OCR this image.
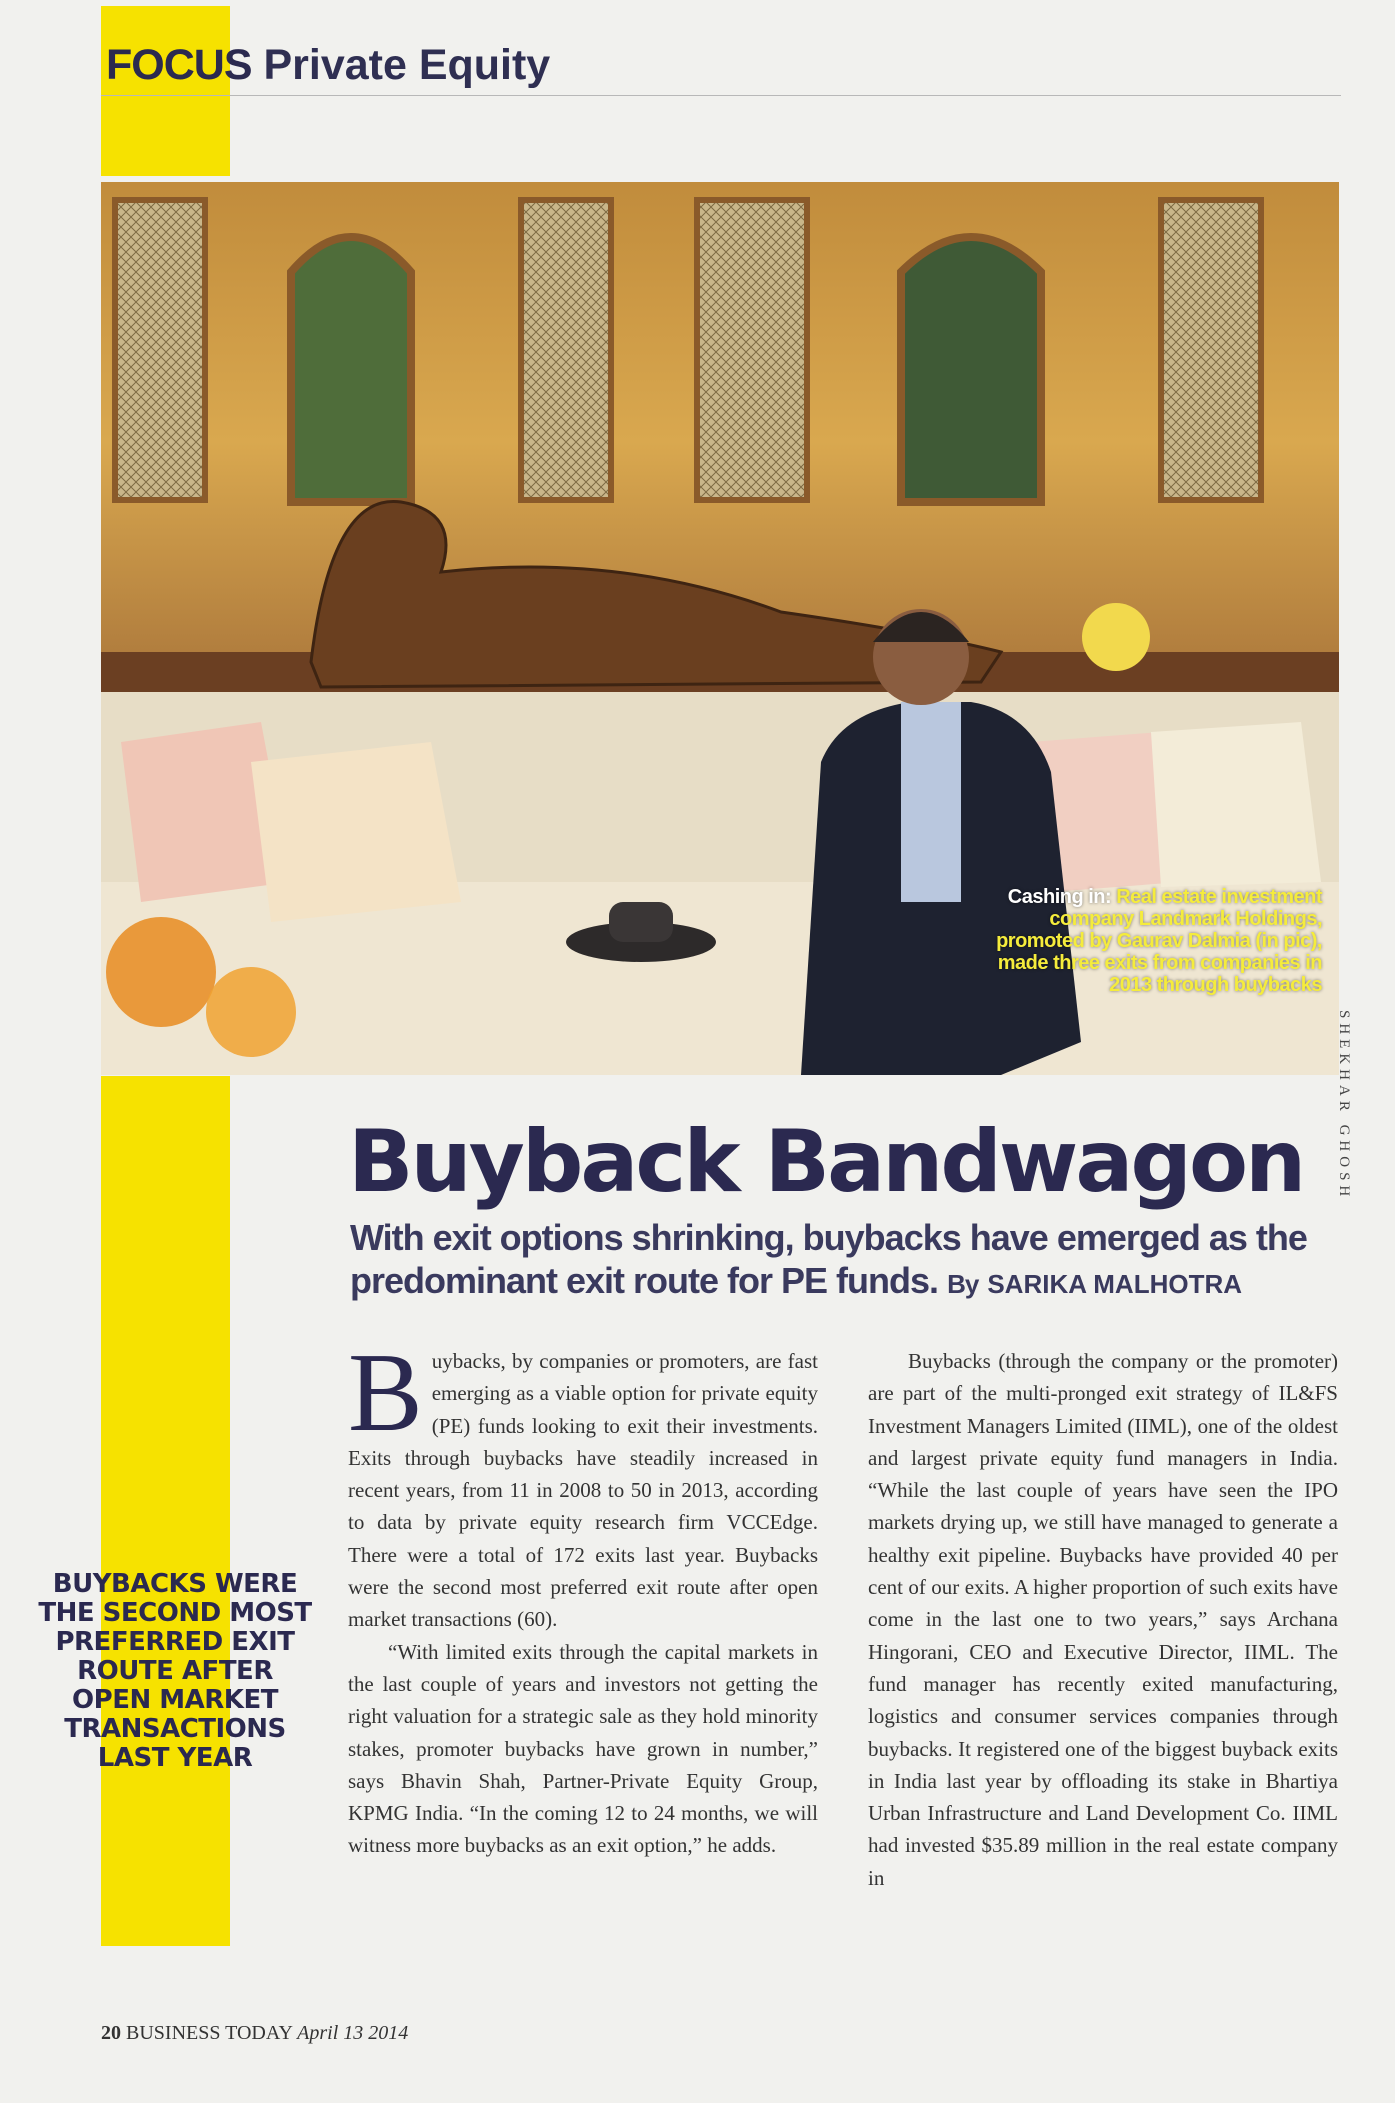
FOCUS Private Equity

Cashing in: Real estate investment company Landmark Holdings, promoted by Gaurav Dalmia (in pic), made three exits from companies in 2013 through buybacks

SHEKHAR GHOSH

Buyback Bandwagon

With exit options shrinking, buybacks have emerged as the predominant exit route for PE funds. By SARIKA MALHOTRA

BUYBACKS WERE THE SECOND MOST PREFERRED EXIT ROUTE AFTER OPEN MARKET TRANSACTIONS LAST YEAR

Buybacks, by companies or promoters, are fast emerging as a viable option for private equity (PE) funds looking to exit their investments. Exits through buybacks have steadily increased in recent years, from 11 in 2008 to 50 in 2013, according to data by private equity research firm VCCEdge. There were a total of 172 exits last year. Buybacks were the second most preferred exit route after open market transactions (60).

“With limited exits through the capital markets in the last couple of years and investors not getting the right valuation for a strategic sale as they hold minority stakes, promoter buybacks have grown in number,” says Bhavin Shah, Partner-Private Equity Group, KPMG India. “In the coming 12 to 24 months, we will witness more buybacks as an exit option,” he adds.

Buybacks (through the company or the promoter) are part of the multi-pronged exit strategy of IL&FS Investment Managers Limited (IIML), one of the oldest and largest private equity fund managers in India. “While the last couple of years have seen the IPO markets drying up, we still have managed to generate a healthy exit pipeline. Buybacks have provided 40 per cent of our exits. A higher proportion of such exits have come in the last one to two years,” says Archana Hingorani, CEO and Executive Director, IIML. The fund manager has recently exited manufacturing, logistics and consumer services companies through buybacks. It registered one of the biggest buyback exits in India last year by offloading its stake in Bhartiya Urban Infrastructure and Land Development Co. IIML had invested $35.89 million in the real estate company in

20 BUSINESS TODAY April 13 2014
